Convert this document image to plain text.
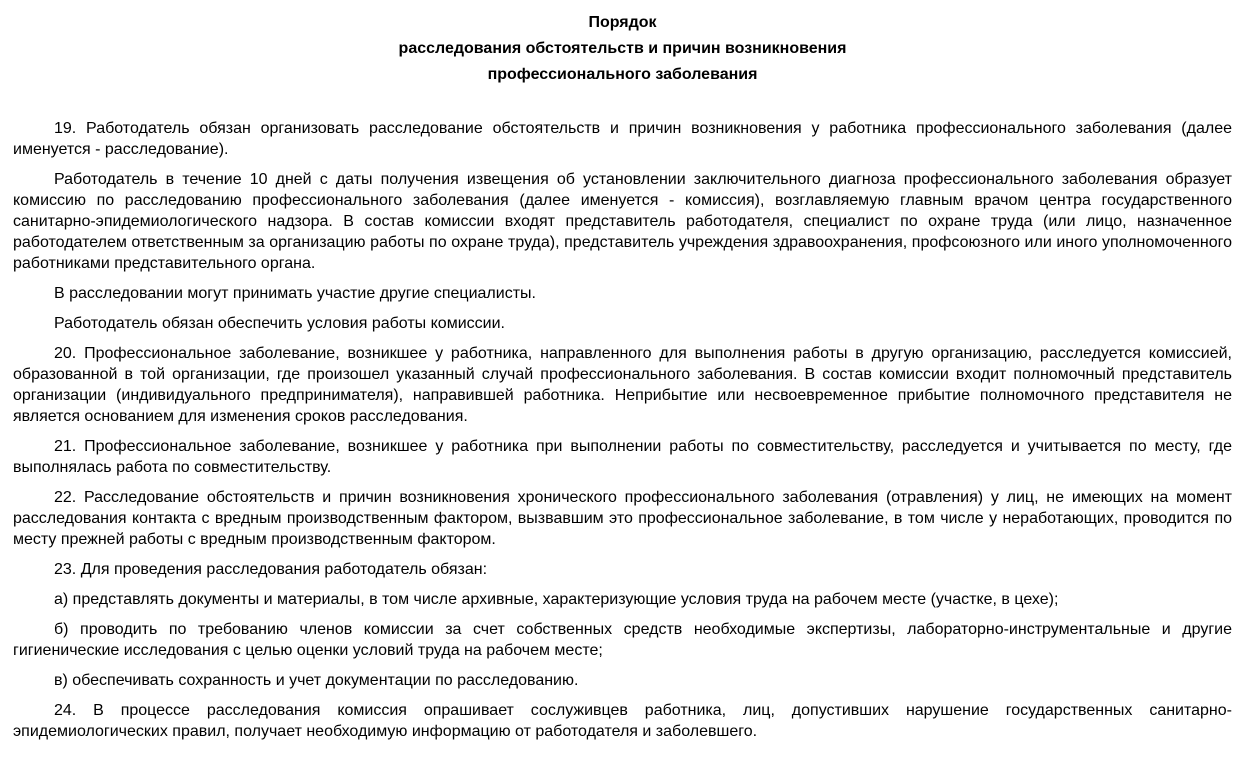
Порядок
расследования обстоятельств и причин возникновения
профессионального заболевания

19. Работодатель обязан организовать расследование обстоятельств и причин возникновения у работника профессионального заболевания (далее именуется - расследование).

Работодатель в течение 10 дней с даты получения извещения об установлении заключительного диагноза профессионального заболевания образует комиссию по расследованию профессионального заболевания (далее именуется - комиссия), возглавляемую главным врачом центра государственного санитарно-эпидемиологического надзора. В состав комиссии входят представитель работодателя, специалист по охране труда (или лицо, назначенное работодателем ответственным за организацию работы по охране труда), представитель учреждения здравоохранения, профсоюзного или иного уполномоченного работниками представительного органа.

В расследовании могут принимать участие другие специалисты.

Работодатель обязан обеспечить условия работы комиссии.

20. Профессиональное заболевание, возникшее у работника, направленного для выполнения работы в другую организацию, расследуется комиссией, образованной в той организации, где произошел указанный случай профессионального заболевания. В состав комиссии входит полномочный представитель организации (индивидуального предпринимателя), направившей работника. Неприбытие или несвоевременное прибытие полномочного представителя не является основанием для изменения сроков расследования.

21. Профессиональное заболевание, возникшее у работника при выполнении работы по совместительству, расследуется и учитывается по месту, где выполнялась работа по совместительству.

22. Расследование обстоятельств и причин возникновения хронического профессионального заболевания (отравления) у лиц, не имеющих на момент расследования контакта с вредным производственным фактором, вызвавшим это профессиональное заболевание, в том числе у неработающих, проводится по месту прежней работы с вредным производственным фактором.

23. Для проведения расследования работодатель обязан:

а) представлять документы и материалы, в том числе архивные, характеризующие условия труда на рабочем месте (участке, в цехе);

б) проводить по требованию членов комиссии за счет собственных средств необходимые экспертизы, лабораторно-инструментальные и другие гигиенические исследования с целью оценки условий труда на рабочем месте;

в) обеспечивать сохранность и учет документации по расследованию.

24. В процессе расследования комиссия опрашивает сослуживцев работника, лиц, допустивших нарушение государственных санитарно-эпидемиологических правил, получает необходимую информацию от работодателя и заболевшего.
